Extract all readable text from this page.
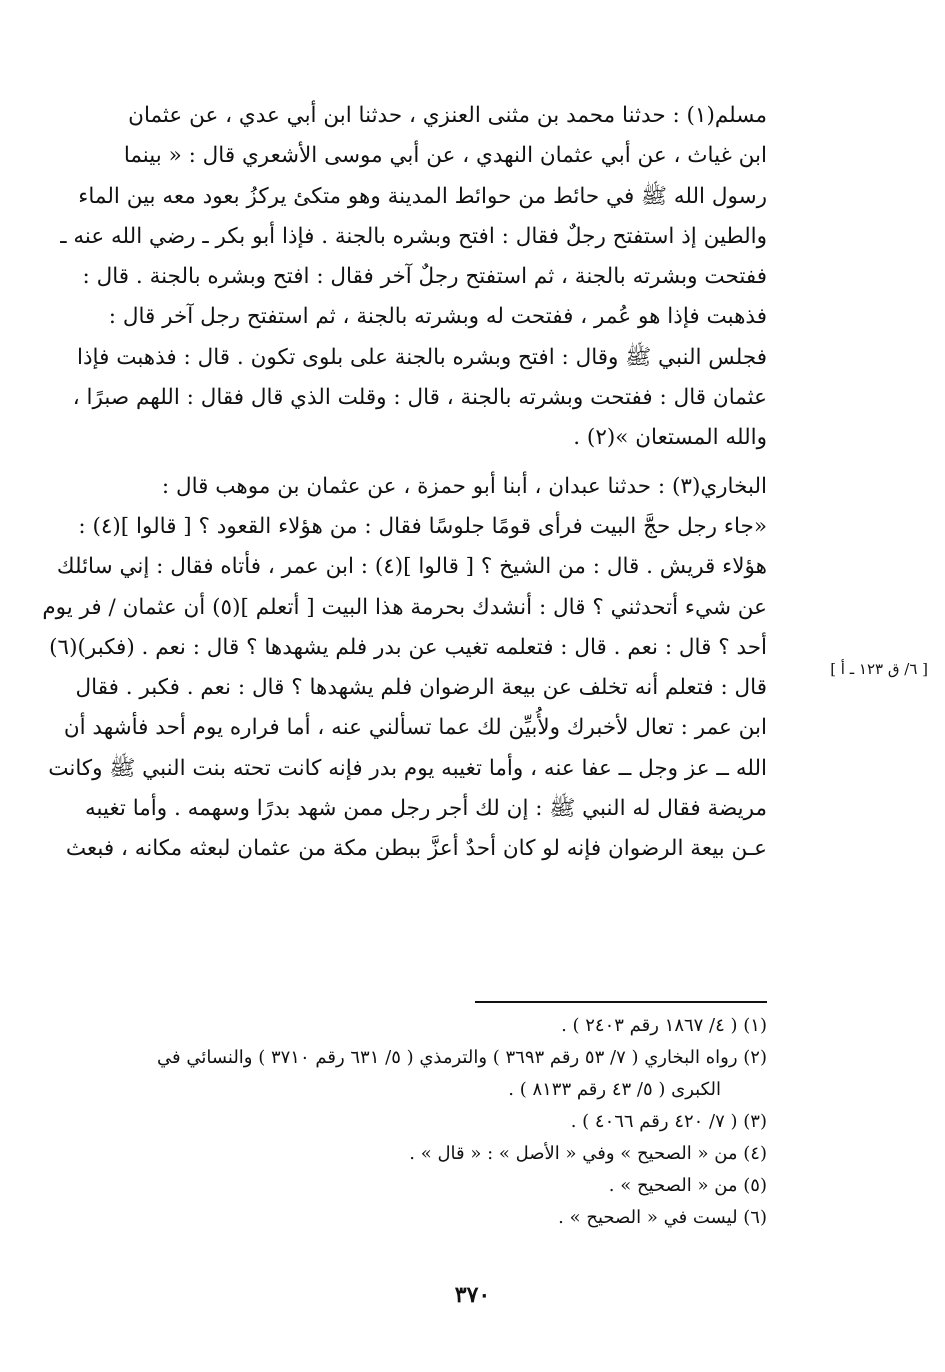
مسلم(١) : حدثنا محمد بن مثنى العنزي ، حدثنا ابن أبي عدي ، عن عثمان

ابن غياث ، عن أبي عثمان النهدي ، عن أبي موسى الأشعري قال : « بينما

رسول الله ﷺ في حائط من حوائط المدينة وهو متكئ يركزُ بعود معه بين الماء

والطين إذ استفتح رجلٌ فقال : افتح وبشره بالجنة . فإذا أبو بكر ـ رضي الله عنه ـ

ففتحت وبشرته بالجنة ، ثم استفتح رجلٌ آخر فقال : افتح وبشره بالجنة . قال :

فذهبت فإذا هو عُمر ، ففتحت له وبشرته بالجنة ، ثم استفتح رجل آخر قال :

فجلس النبي ﷺ وقال : افتح وبشره بالجنة على بلوى تكون . قال : فذهبت فإذا

عثمان قال : ففتحت وبشرته بالجنة ، قال : وقلت الذي قال فقال : اللهم صبرًا ،

والله المستعان »(٢) .

البخاري(٣) : حدثنا عبدان ، أبنا أبو حمزة ، عن عثمان بن موهب قال :

«جاء رجل حجَّ البيت فرأى قومًا جلوسًا فقال : من هؤلاء القعود ؟ [ قالوا ](٤) :

هؤلاء قريش . قال : من الشيخ ؟ [ قالوا ](٤) : ابن عمر ، فأتاه فقال : إني سائلك

عن شيء أتحدثني ؟ قال : أنشدك بحرمة هذا البيت [ أتعلم ](٥) أن عثمان / فر يوم

أحد ؟ قال : نعم . قال : فتعلمه تغيب عن بدر فلم يشهدها ؟ قال : نعم . (فكبر)(٦)

قال : فتعلم أنه تخلف عن بيعة الرضوان فلم يشهدها ؟ قال : نعم . فكبر . فقال

ابن عمر : تعال لأخبرك ولأُبيِّن لك عما تسألني عنه ، أما فراره يوم أحد فأشهد أن

الله ــ عز وجل ــ عفا عنه ، وأما تغيبه يوم بدر فإنه كانت تحته بنت النبي ﷺ وكانت

مريضة فقال له النبي ﷺ : إن لك أجر رجل ممن شهد بدرًا وسهمه . وأما تغيبه

عـن بيعة الرضوان فإنه لو كان أحدٌ أعزَّ ببطن مكة من عثمان لبعثه مكانه ، فبعث

[ ٦/ ق ١٢٣ ـ أ ]

(١) ( ٤/ ١٨٦٧ رقم ٢٤٠٣ ) .

(٢) رواه البخاري ( ٧/ ٥٣ رقم ٣٦٩٣ ) والترمذي ( ٥/ ٦٣١ رقم ٣٧١٠ ) والنسائي في

الكبرى ( ٥/ ٤٣ رقم ٨١٣٣ ) .

(٣) ( ٧/ ٤٢٠ رقم ٤٠٦٦ ) .

(٤) من « الصحيح » وفي « الأصل » : « قال » .

(٥) من « الصحيح » .

(٦) ليست في « الصحيح » .

٣٧٠
